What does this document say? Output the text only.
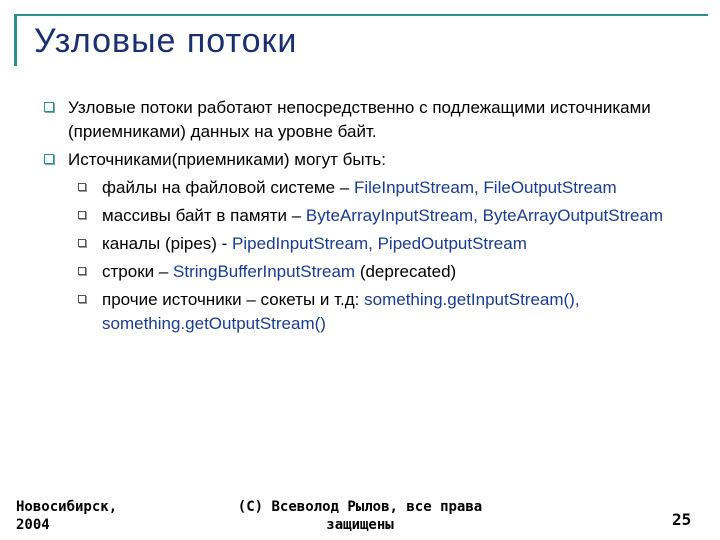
Узловые потоки
Узловые потоки работают непосредственно с подлежащими источниками (приемниками) данных на уровне байт.
Источниками(приемниками) могут быть:
файлы на файловой системе – FileInputStream, FileOutputStream
массивы байт в памяти – ByteArrayInputStream, ByteArrayOutputStream
каналы (pipes) - PipedInputStream, PipedOutputStream
строки – StringBufferInputStream (deprecated)
прочие источники – сокеты и т.д: something.getInputStream(), something.getOutputStream()
Новосибирск,
2004
(C) Всеволод Рылов, все права защищены	25
